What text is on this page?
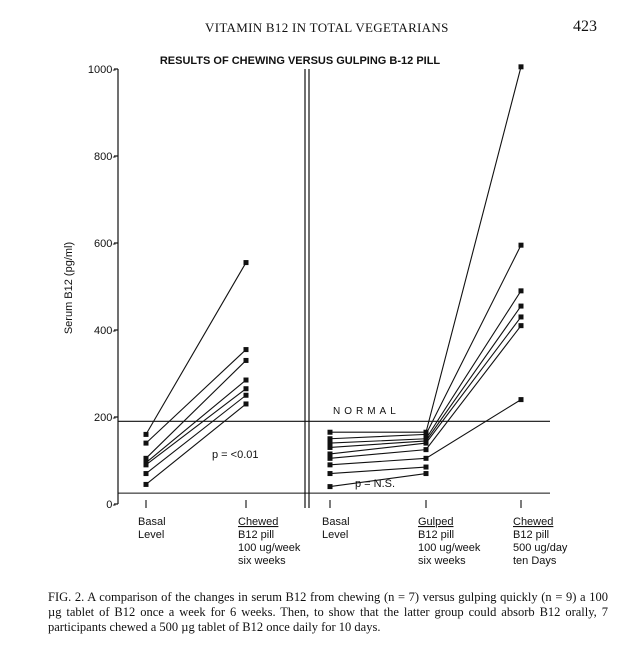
VITAMIN B12 IN TOTAL VEGETARIANS	423
RESULTS OF CHEWING VERSUS GULPING B-12 PILL
Serum B12 (pg/ml)
NORMAL
p = <0.01
p = N.S.
0-
200-
400-
600-
800-
1000-
Basal
Level
Chewed
B12 pill
100 ug/week
six weeks
Basal
Level
Gulped
B12 pill
100 ug/week
six weeks
Chewed
B12 pill
500 ug/day
ten Days
FIG. 2. A comparison of the changes in serum B12 from chewing (n = 7) versus gulping quickly (n = 9) a 100 µg tablet of B12 once a week for 6 weeks. Then, to show that the latter group could absorb B12 orally, 7 participants chewed a 500 µg tablet of B12 once daily for 10 days.
